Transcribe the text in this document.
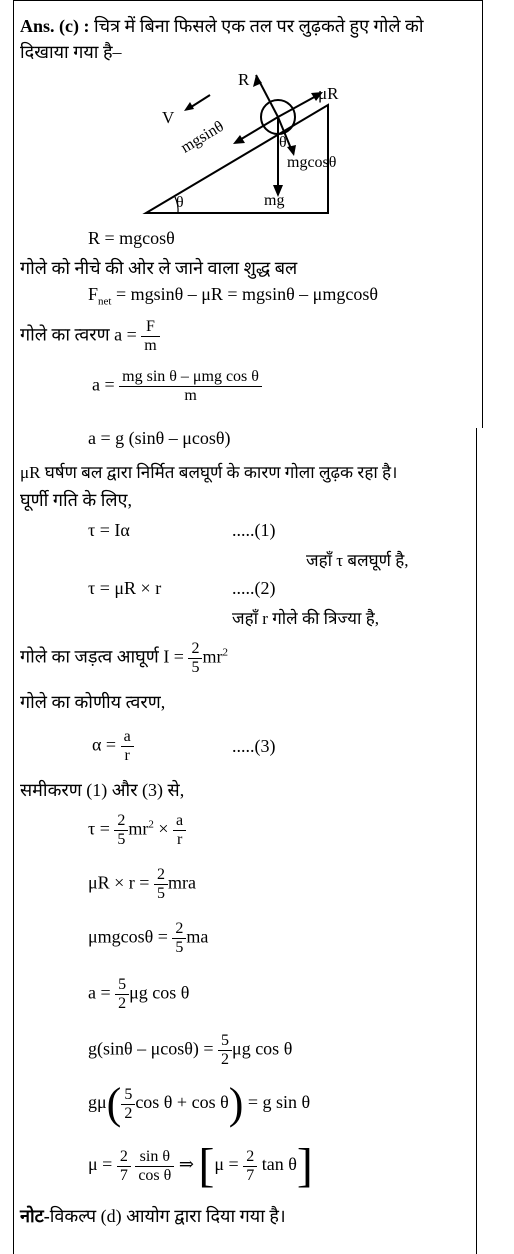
Ans. (c) : चित्र में बिना फिसले एक तल पर लुढ़कते हुए गोले को
दिखाया गया है–
R
μR
V
mgsinθ	θ
mgcosθ
θ	mg
R = mgcosθ
गोले को नीचे की ओर ले जाने वाला शुद्ध बल
$F_{net} = mgsin\theta - \mu R = mgsin\theta - \mu mgcos\theta$
गोले का त्वरण $a = \frac{F}{m}$
$a = \frac{\text{mg sin θ – μmg cos θ}}{m}$
a = g (sinθ – μcosθ)
μR घर्षण बल द्वारा निर्मित बलघूर्ण के कारण गोला लुढ़क रहा है।
घूर्णी गति के लिए,
τ = Iα	.....(1)
जहाँ τ बलघूर्ण है,
τ = μR × r	.....(2)
जहाँ r गोले की त्रिज्या है,
गोले का जड़त्व आघूर्ण $I = \frac{2}{5} mr^2$
गोले का कोणीय त्वरण,
$\alpha = \frac{a}{r}$	.....(3)
समीकरण (1) और (3) से,
$\tau = \frac{2}{5} mr^2 \times \frac{a}{r}$
$\mu R \times r = \frac{2}{5}$ mra
$\mu mgcos\theta = \frac{2}{5}$ ma
$a = \frac{5}{2}$ μg cos θ
$g(\sin\theta - \mu\cos\theta) = \frac{5}{2}$ μg cos θ
$g\mu( \frac{5}{2}$ cos θ + cos θ) = g sin θ
$\mu = \frac{2}{7}$
$\frac{\text{sin θ}}{\text{cos θ}}$ ⇒ [$\mu = \frac{2}{7}$ tan θ]
नोट-विकल्प (d) आयोग द्वारा दिया गया है।
